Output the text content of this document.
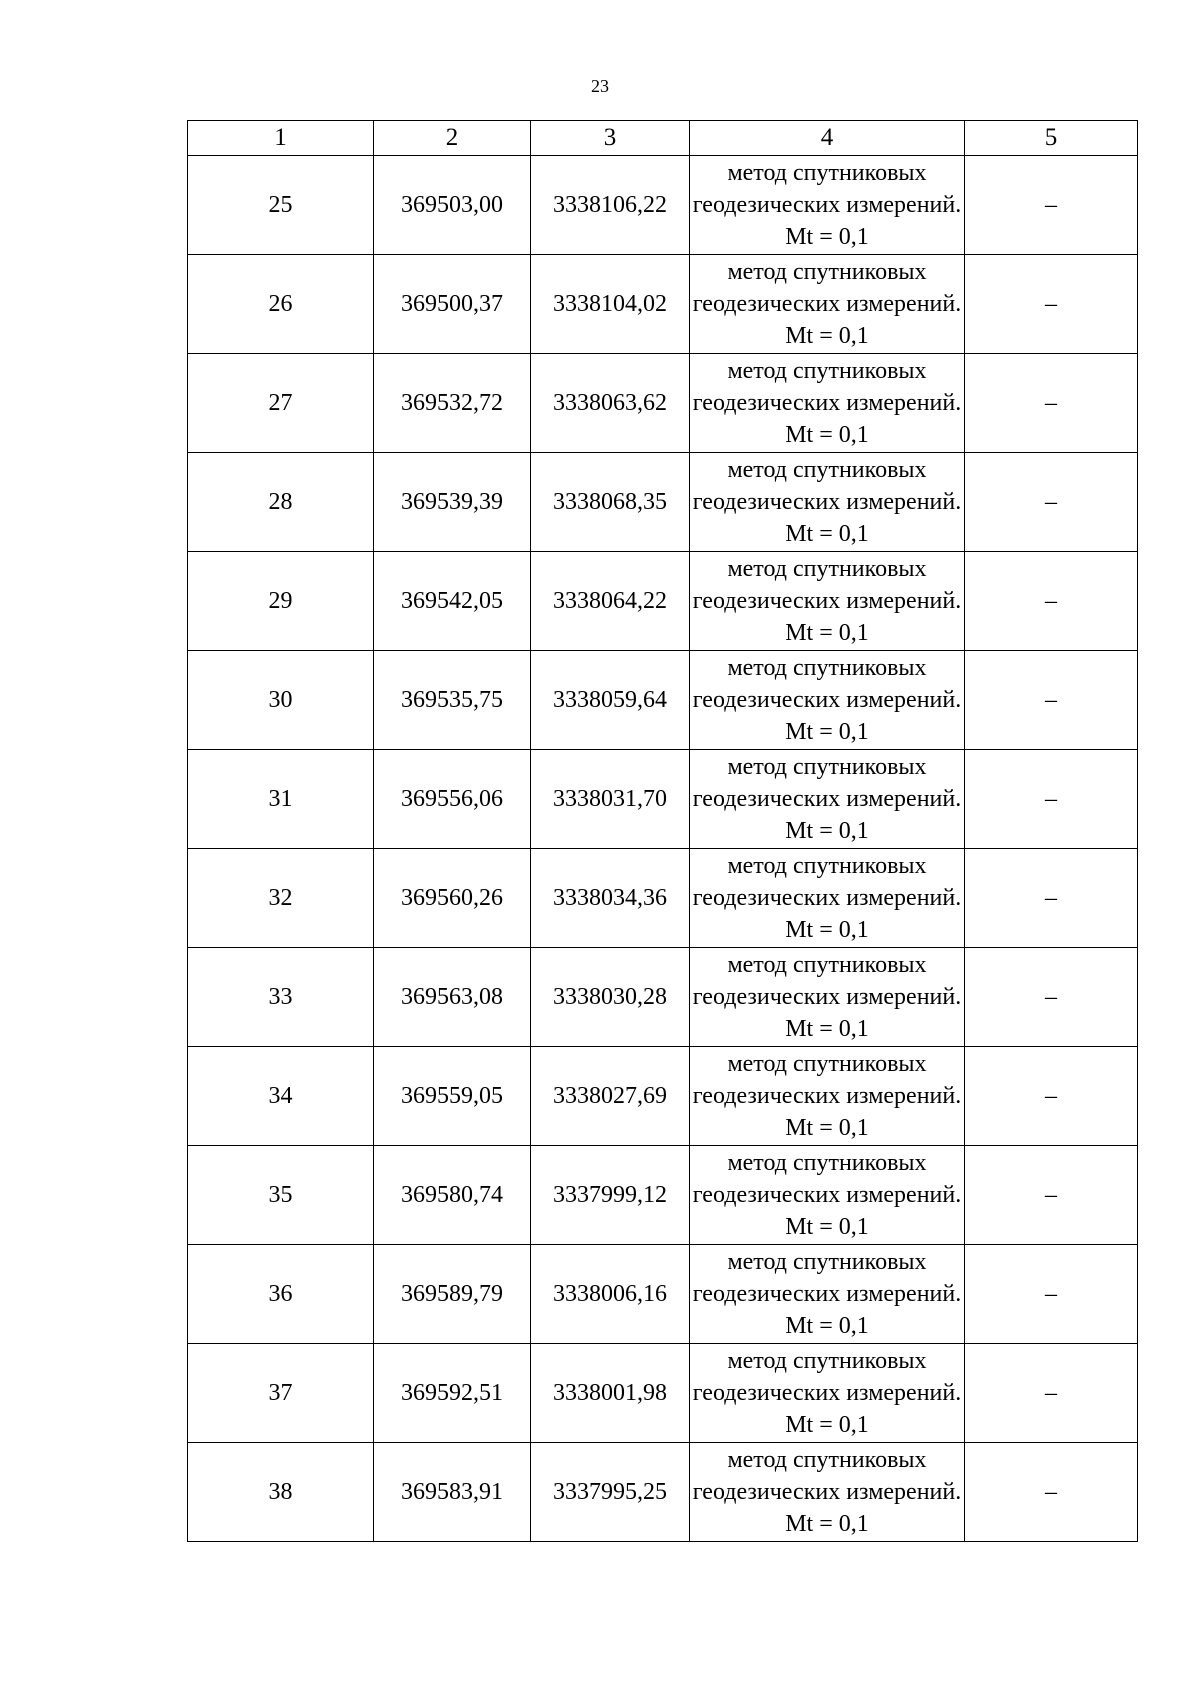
23
1	2	3	4	5
25	369503,00	3338106,22	метод спутниковых геодезических измерений. Mt = 0,1	–
26	369500,37	3338104,02	метод спутниковых геодезических измерений. Mt = 0,1	–
27	369532,72	3338063,62	метод спутниковых геодезических измерений. Mt = 0,1	–
28	369539,39	3338068,35	метод спутниковых геодезических измерений. Mt = 0,1	–
29	369542,05	3338064,22	метод спутниковых геодезических измерений. Mt = 0,1	–
30	369535,75	3338059,64	метод спутниковых геодезических измерений. Mt = 0,1	–
31	369556,06	3338031,70	метод спутниковых геодезических измерений. Mt = 0,1	–
32	369560,26	3338034,36	метод спутниковых геодезических измерений. Mt = 0,1	–
33	369563,08	3338030,28	метод спутниковых геодезических измерений. Mt = 0,1	–
34	369559,05	3338027,69	метод спутниковых геодезических измерений. Mt = 0,1	–
35	369580,74	3337999,12	метод спутниковых геодезических измерений. Mt = 0,1	–
36	369589,79	3338006,16	метод спутниковых геодезических измерений. Mt = 0,1	–
37	369592,51	3338001,98	метод спутниковых геодезических измерений. Mt = 0,1	–
38	369583,91	3337995,25	метод спутниковых геодезических измерений. Mt = 0,1	–
